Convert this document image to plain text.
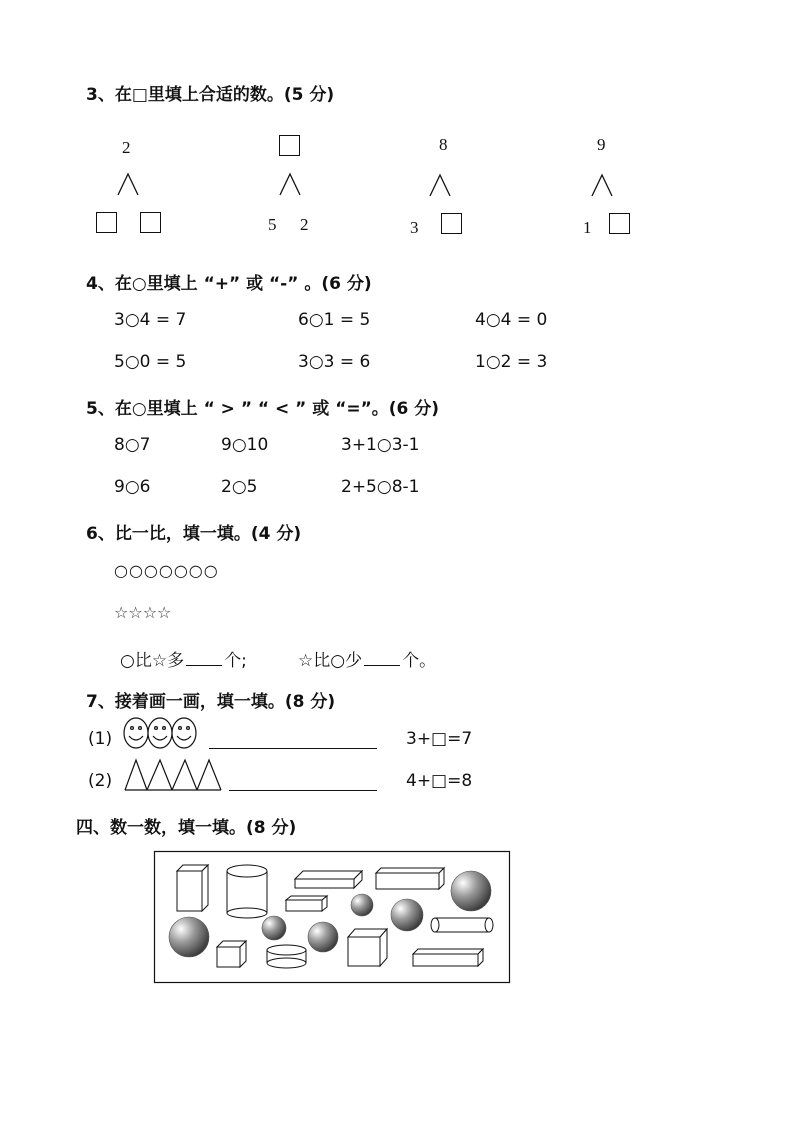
3、在□里填上合适的数。(5 分)
2
5 2
8
3
9
1
4、在○里填上 “+” 或 “-” 。(6 分)
3○4 = 7	6○1 = 5	4○4 = 0
5○0 = 5	3○3 = 6	1○2 = 3
5、在○里填上 “ > ” “ < ” 或 “=”。(6 分)
8○7	9○10	3+1○3-1
9○6	2○5	2+5○8-1
6、比一比，填一填。(4 分)
○○○○○○○
☆☆☆☆
○比☆多 个;	☆比○少 个。
7、接着画一画，填一填。(8 分)
(1)	3+□=7
(2)	4+□=8
四、数一数，填一填。(8 分)
